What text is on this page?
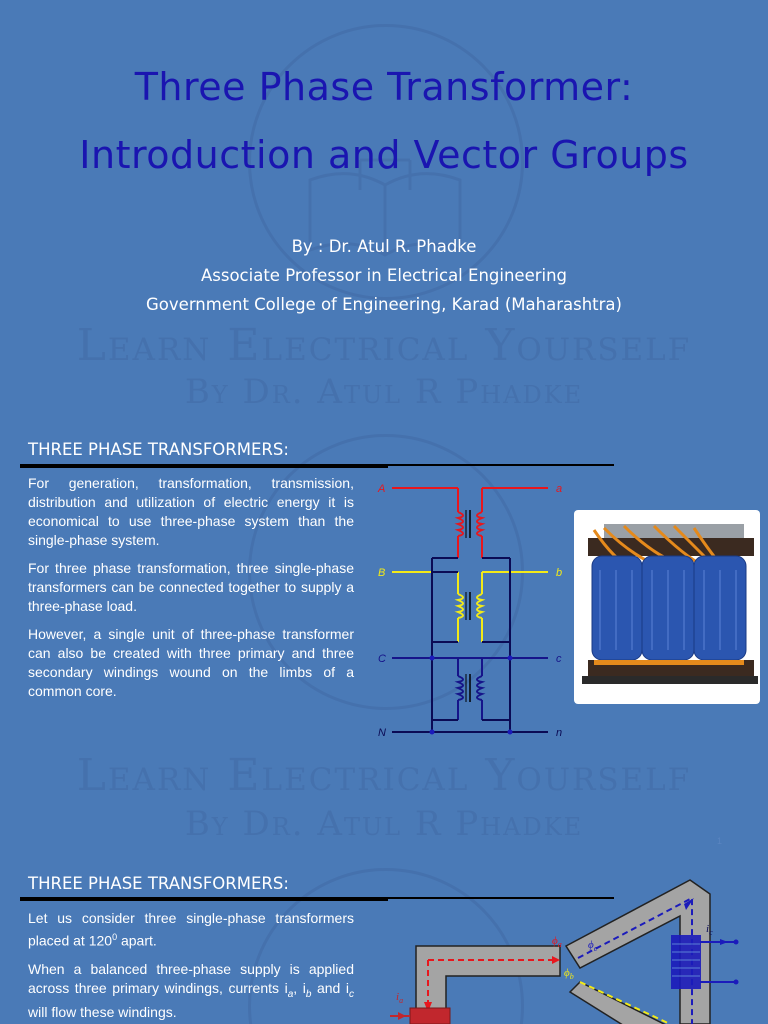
Learn Electrical Yourself
By Dr. Atul R Phadke
Three Phase Transformer:
Introduction and Vector Groups
By : Dr. Atul R. Phadke
Associate Professor in Electrical Engineering
Government College of Engineering, Karad (Maharashtra)
Learn Electrical Yourself
By Dr. Atul R Phadke
THREE PHASE TRANSFORMERS:

For generation, transformation, transmission, distribution and utilization of electric energy it is economical to use three-phase system than the single-phase system.

For three phase transformation, three single-phase transformers can be connected together to supply a three-phase load.

However, a single unit of three-phase transformer can also be created with three primary and three secondary windings wound on the limbs of a common core.

A	a
B	b
C	c
N	n
1
THREE PHASE TRANSFORMERS:

Let us consider three single-phase transformers placed at $120^0$ apart.

When a balanced three-phase supply is applied across three primary windings, currents $i_a$, $i_b$ and $i_c$ will flow these windings.

$i_c$
$i_a$
$\phi_a$
$\phi_b$
$\phi_c$
